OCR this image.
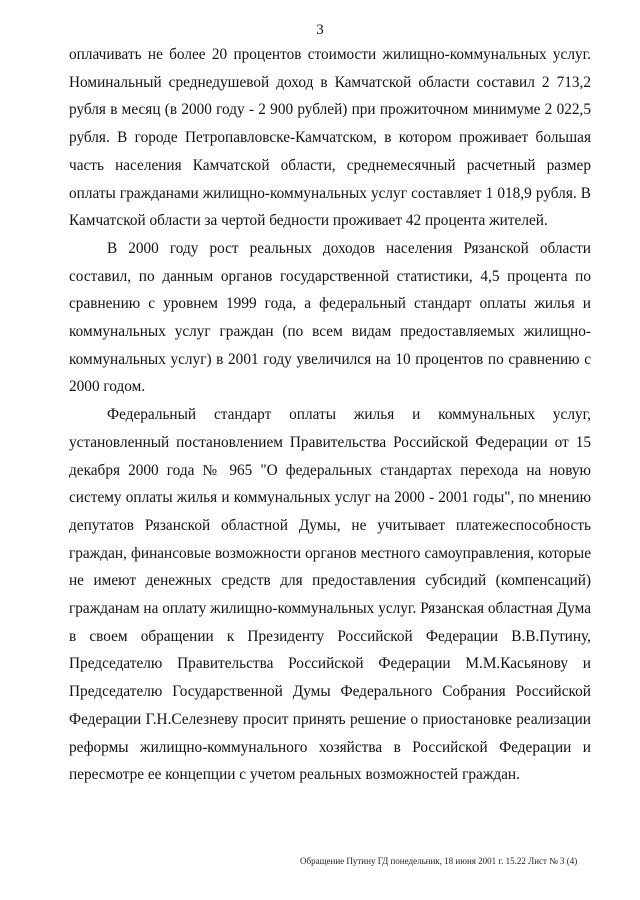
3

оплачивать не более 20 процентов стоимости жилищно-коммунальных услуг. Номинальный среднедушевой доход в Камчатской области составил 2 713,2 рубля в месяц (в 2000 году - 2 900 рублей) при прожиточном минимуме 2 022,5 рубля. В городе Петропавловске-Камчатском, в котором проживает большая часть населения Камчатской области, среднемесячный расчетный размер оплаты гражданами жилищно-коммунальных услуг составляет 1 018,9 рубля. В Камчатской области за чертой бедности проживает 42 процента жителей.

В 2000 году рост реальных доходов населения Рязанской области составил, по данным органов государственной статистики, 4,5 процента по сравнению с уровнем 1999 года, а федеральный стандарт оплаты жилья и коммунальных услуг граждан (по всем видам предоставляемых жилищно-коммунальных услуг) в 2001 году увеличился на 10 процентов по сравнению с 2000 годом.

Федеральный стандарт оплаты жилья и коммунальных услуг, установленный постановлением Правительства Российской Федерации от 15 декабря 2000 года № 965 "О федеральных стандартах перехода на новую систему оплаты жилья и коммунальных услуг на 2000 - 2001 годы", по мнению депутатов Рязанской областной Думы, не учитывает платежеспособность граждан, финансовые возможности органов местного самоуправления, которые не имеют денежных средств для предоставления субсидий (компенсаций) гражданам на оплату жилищно-коммунальных услуг. Рязанская областная Дума в своем обращении к Президенту Российской Федерации В.В.Путину, Председателю Правительства Российской Федерации М.М.Касьянову и Председателю Государственной Думы Федерального Собрания Российской Федерации Г.Н.Селезневу просит принять решение о приостановке реализации реформы жилищно-коммунального хозяйства в Российской Федерации и пересмотре ее концепции с учетом реальных возможностей граждан.

Обращение Путину ГД понедельник, 18 июня 2001 г. 15.22 Лист № 3 (4)
